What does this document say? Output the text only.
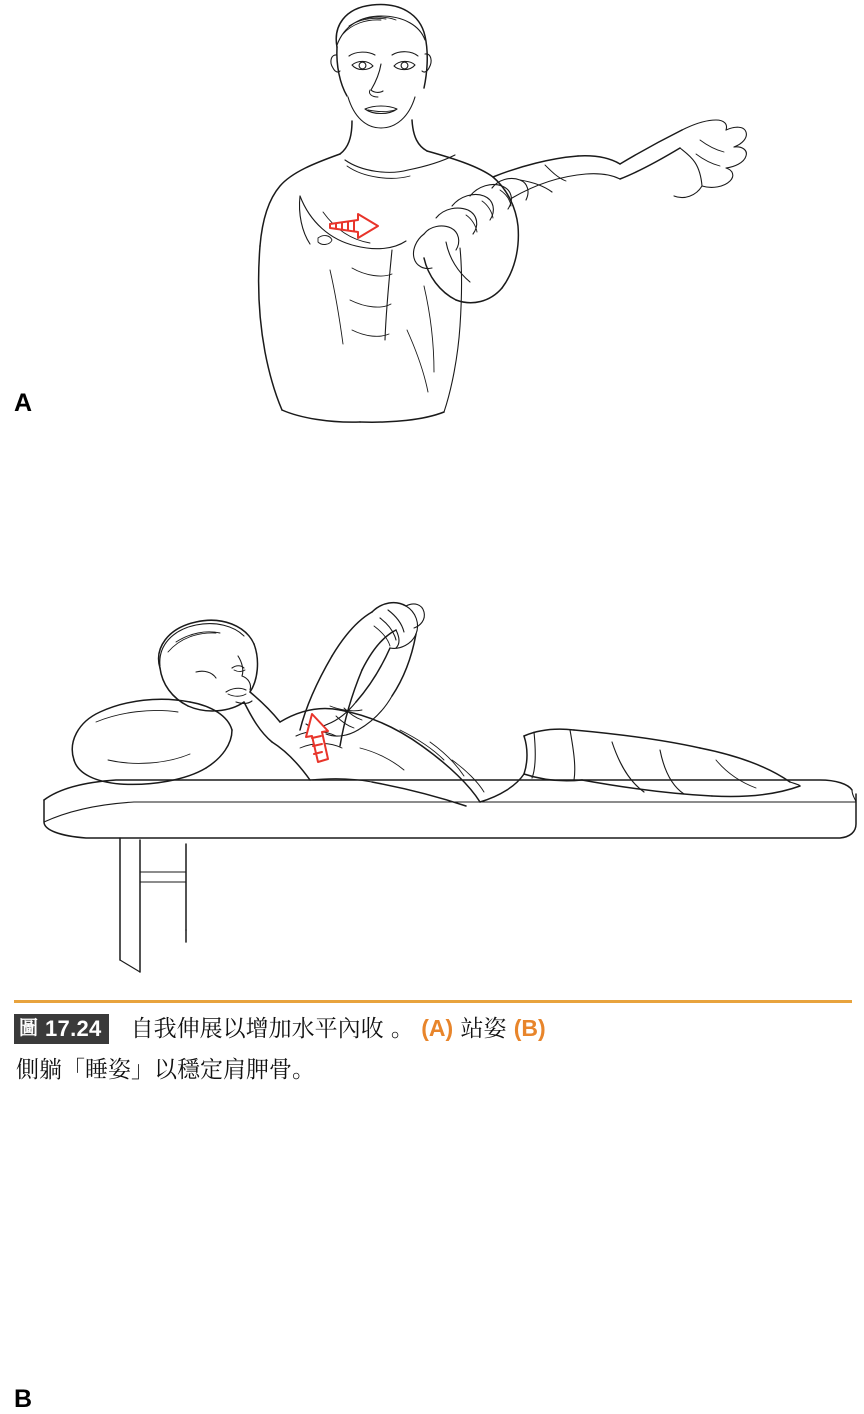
A
B
圖 17.24 自我伸展以增加水平內收 。 (A) 站姿 (B)
側躺「睡姿」以穩定肩胛骨。
